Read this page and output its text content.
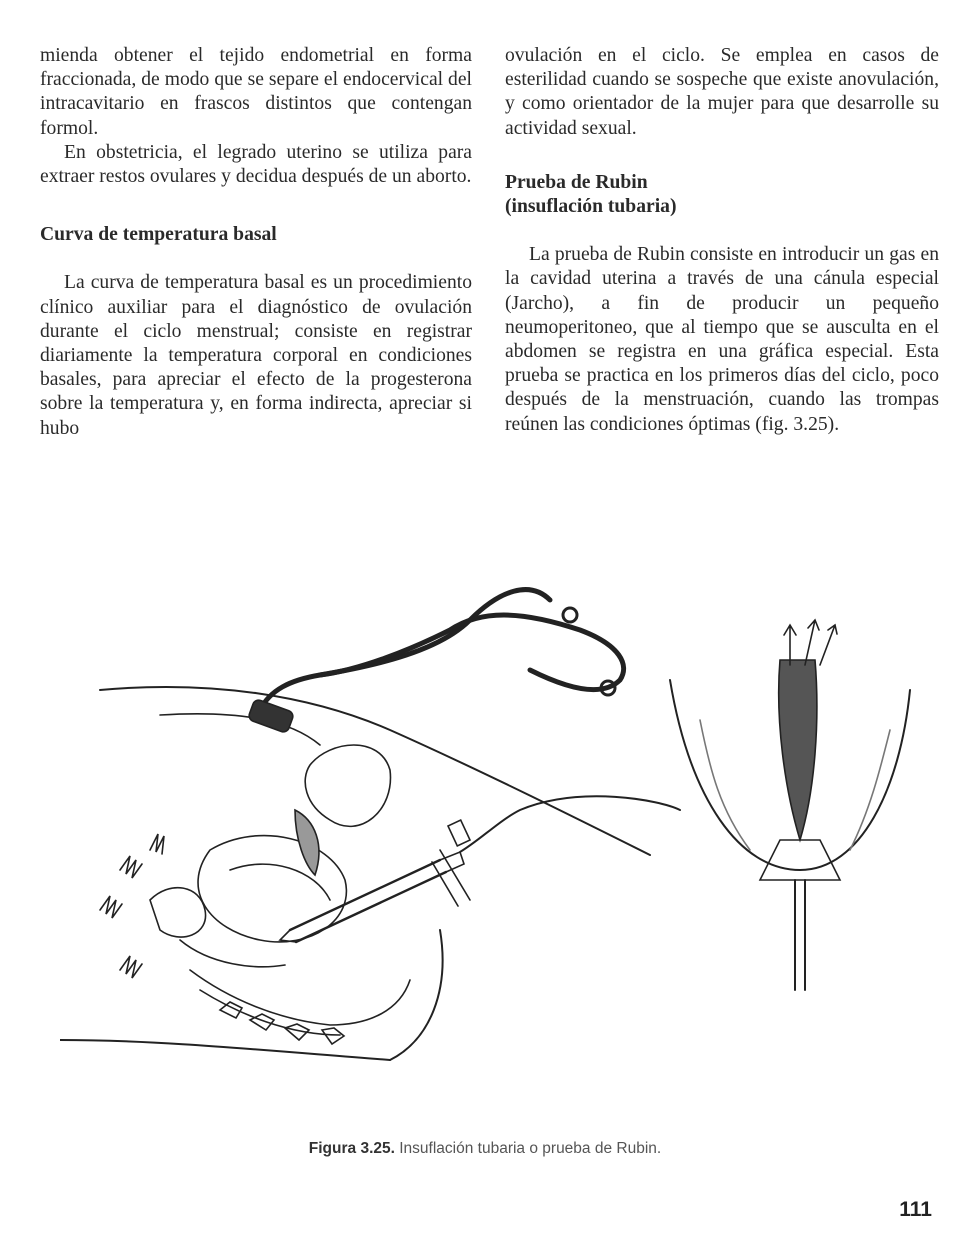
mienda obtener el tejido endometrial en forma fraccionada, de modo que se separe el endocervical del intracavitario en frascos distintos que contengan formol.

En obstetricia, el legrado uterino se utiliza para extraer restos ovulares y decidua después de un aborto.

Curva de temperatura basal

La curva de temperatura basal es un procedimiento clínico auxiliar para el diagnóstico de ovulación durante el ciclo menstrual; consiste en registrar diariamente la temperatura corporal en condiciones basales, para apreciar el efecto de la progesterona sobre la temperatura y, en forma indirecta, apreciar si hubo

ovulación en el ciclo. Se emplea en casos de esterilidad cuando se sospeche que existe anovulación, y como orientador de la mujer para que desarrolle su actividad sexual.

Prueba de Rubin
(insuflación tubaria)

La prueba de Rubin consiste en introducir un gas en la cavidad uterina a través de una cánula especial (Jarcho), a fin de producir un pequeño neumoperitoneo, que al tiempo que se ausculta en el abdomen se registra en una gráfica especial. Esta prueba se practica en los primeros días del ciclo, poco después de la menstruación, cuando las trompas reúnen las condiciones óptimas (fig. 3.25).

Figura 3.25. Insuflación tubaria o prueba de Rubin.
111
